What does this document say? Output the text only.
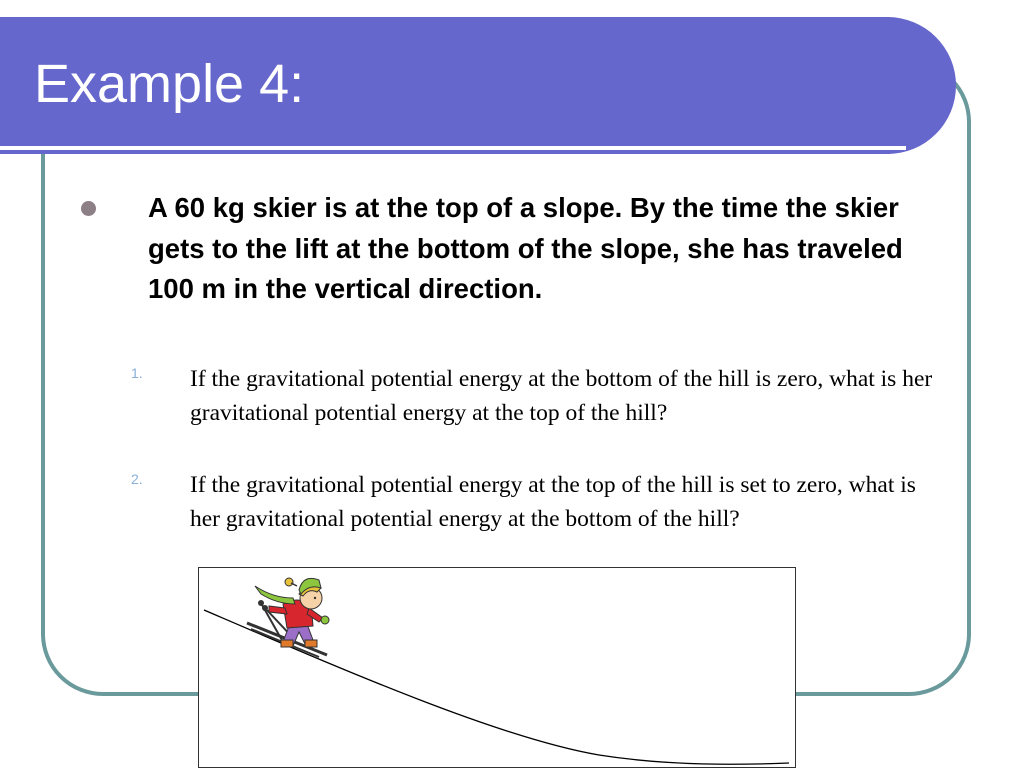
Example 4:

A 60 kg skier is at the top of a slope. By the time the skier gets to the lift at the bottom of the slope, she has traveled 100 m in the vertical direction.

1. If the gravitational potential energy at the bottom of the hill is zero, what is her gravitational potential energy at the top of the hill?

2. If the gravitational potential energy at the top of the hill is set to zero, what is her gravitational potential energy at the bottom of the hill?
